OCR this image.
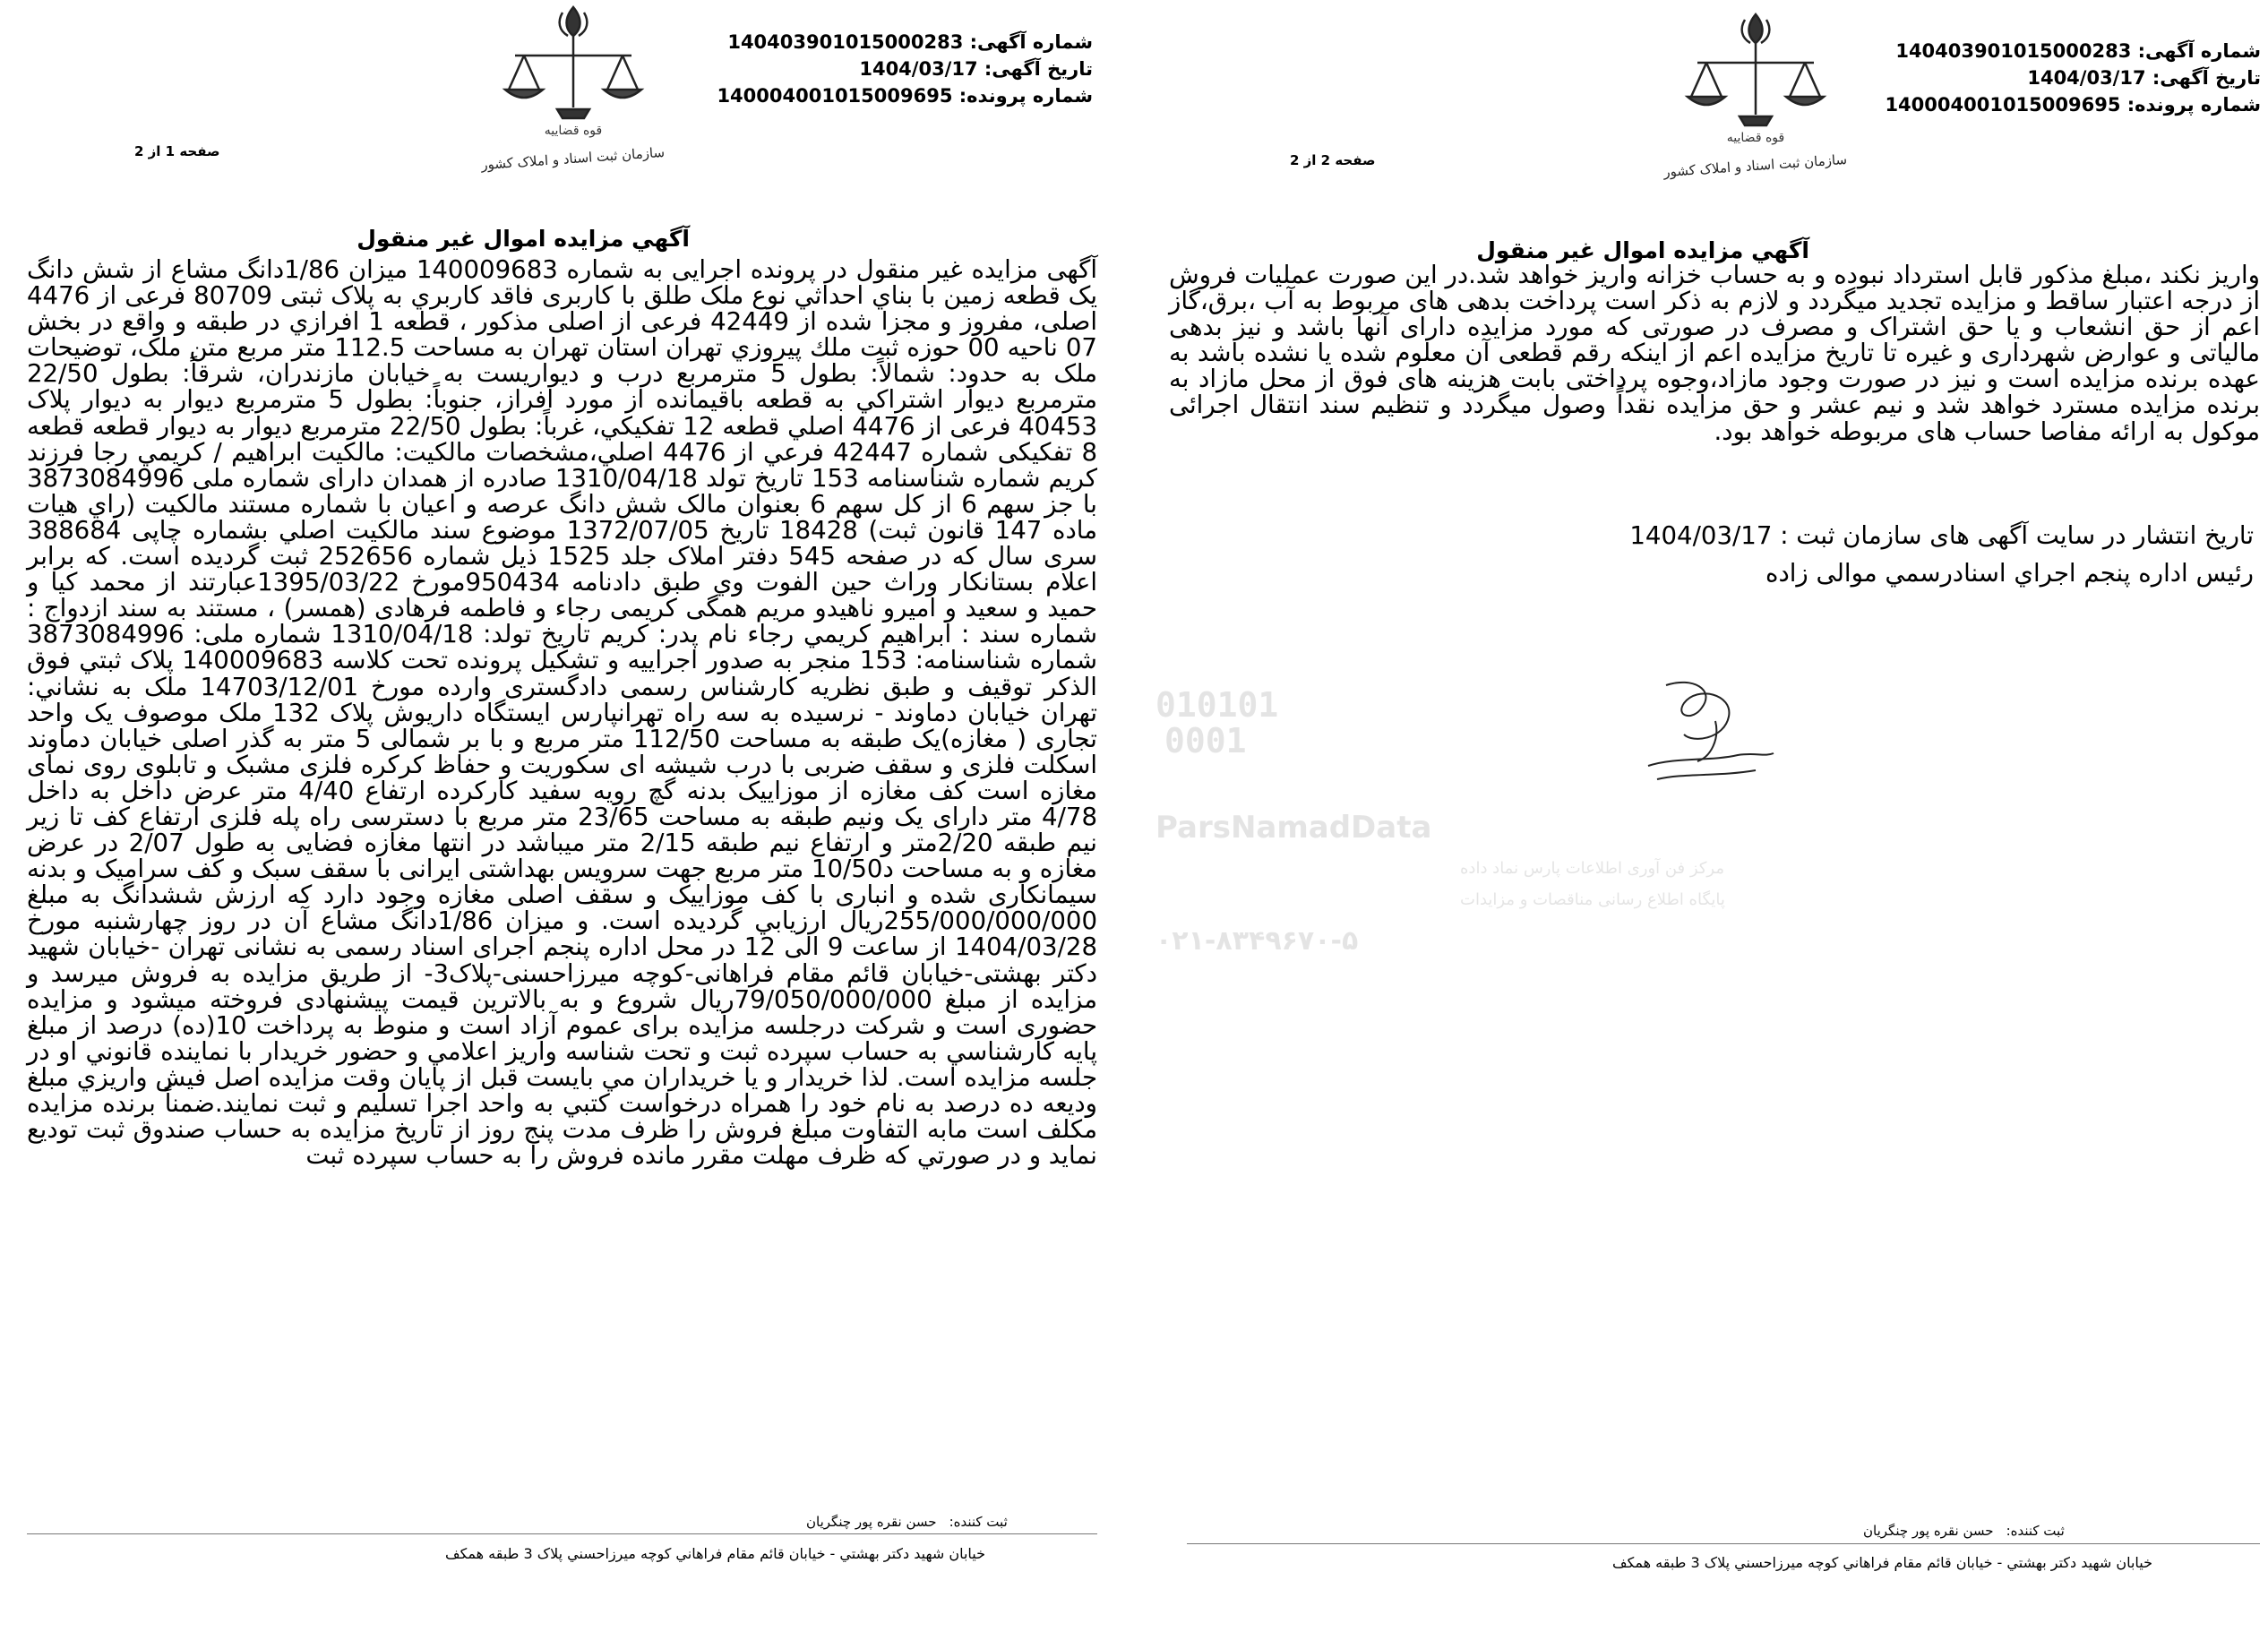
شماره آگهی: 140403901015000283
تاریخ آگهی: 1404/03/17
شماره پرونده: 140004001015009695
قوه قضاییه
سازمان ثبت اسناد و املاک کشور
صفحه 1 از 2
آگهي مزايده اموال غير منقول
آگهی مزایده غیر منقول در پرونده اجرایی به شماره 140009683 میزان 1/86دانگ مشاع از شش دانگ یک قطعه زمین با بناي احداثي نوع ملک طلق با کاربری فاقد کاربري به پلاک ثبتی 80709 فرعی از 4476 اصلی، مفروز و مجزا شده از 42449 فرعی از اصلی مذکور ، قطعه 1 افرازي در طبقه و واقع در بخش 07 ناحیه 00 حوزه ثبت ملك پيروزي تهران استان تهران به مساحت 112.5 متر مربع متن ملک، توضیحات ملک به حدود: شمالاً: بطول 5 مترمربع درب و دیواریست به خیابان مازندران، شرقاً: بطول 22/50 مترمربع ديوار اشتراكي به قطعه باقیمانده از مورد افراز، جنوباً: بطول 5 مترمربع دیوار به دیوار پلاک 40453 فرعی از 4476 اصلي قطعه 12 تفكيكي، غرباً: بطول 22/50 مترمربع دیوار به دیوار قطعه قطعه 8 تفکیکی شماره 42447 فرعي از 4476 اصلي،مشخصات مالکیت: مالکیت ابراهیم / كريمي رجا فرزند كريم شماره شناسنامه 153 تاریخ تولد 1310/04/18 صادره از همدان دارای شماره ملی 3873084996 با جز سهم 6 از کل سهم 6 بعنوان مالک شش دانگ عرصه و اعیان با شماره مستند مالکیت (راي هيات ماده 147 قانون ثبت) 18428 تاریخ 1372/07/05 موضوع سند مالکیت اصلي بشماره چاپی 388684 سری سال که در صفحه 545 دفتر املاک جلد 1525 ذيل شماره 252656 ثبت گردیده است. که برابر اعلام بستانکار وراث حين الفوت وي طبق دادنامه 950434مورخ 1395/03/22عبارتند از محمد کیا و حمید و سعید و امیرو ناهیدو مریم همگی کریمی رجاء و فاطمه فرهادی (همسر) ، مستند به سند ازدواج : شماره سند : ابراهيم كريمي رجاء نام پدر: کریم تاریخ تولد: 1310/04/18 شماره ملی: 3873084996 شماره شناسنامه: 153 منجر به صدور اجراییه و تشکیل پرونده تحت کلاسه 140009683 پلاک ثبتي فوق الذکر توقیف و طبق نظریه کارشناس رسمی دادگستری وارده مورخ 14703/12/01 ملک به نشاني: تهران خيابان دماوند - نرسيده به سه راه تهرانپارس ایستگاه داریوش پلاک 132 ملک موصوف یک واحد تجاری ( مغازه)یک طبقه به مساحت 112/50 متر مربع و با بر شمالی 5 متر به گذر اصلی خیابان دماوند اسکلت فلزی و سقف ضربی با درب شیشه ای سکوریت و حفاظ کرکره فلزی مشبک و تابلوی روی نمای مغازه است کف مغازه از موزاییک بدنه گچ رویه سفید کارکرده ارتفاع 4/40 متر عرض داخل به داخل 4/78 متر دارای یک ونیم طبقه به مساحت 23/65 متر مربع با دسترسی راه پله فلزی ارتفاع کف تا زیر نیم طبقه 2/20متر و ارتفاع نیم طبقه 2/15 متر میباشد در انتها مغازه فضایی به طول 2/07 در عرض مغازه و به مساحت د10/50 متر مربع جهت سرویس بهداشتی ایرانی با سقف سبک و کف سرامیک و بدنه سیمانکاری شده و انباری با کف موزاییک و سقف اصلی مغازه وجود دارد که ارزش ششدانگ به مبلغ 255/000/000/000ريال ارزيابي گرديده است. و میزان 1/86دانگ مشاع آن در روز چهارشنبه مورخ 1404/03/28 از ساعت 9 الی 12 در محل اداره پنجم اجرای اسناد رسمی به نشانی تهران -خیابان شهید دکتر بهشتی-خیابان قائم مقام فراهانی-کوچه میرزاحسنی-پلاک3- از طریق مزایده به فروش میرسد و مزایده از مبلغ 79/050/000/000ریال شروع و به بالاترین قیمت پیشنهادی فروخته میشود و مزایده حضوری است و شرکت درجلسه مزایده برای عموم آزاد است و منوط به پرداخت 10(ده) درصد از مبلغ پايه كارشناسي به حساب سپرده ثبت و تحت شناسه واريز اعلامي و حضور خريدار با نماينده قانوني او در جلسه مزايده است. لذا خريدار و يا خريداران مي بايست قبل از پايان وقت مزايده اصل فيش واريزي مبلغ وديعه ده درصد به نام خود را همراه درخواست كتبي به واحد اجرا تسليم و ثبت نمايند.ضمناً برنده مزايده مكلف است مابه التفاوت مبلغ فروش را ظرف مدت پنج روز از تاريخ مزايده به حساب صندوق ثبت توديع نمايد و در صورتي كه ظرف مهلت مقرر مانده فروش را به حساب سپرده ثبت
ثبت کننده:حسن نقره پور چنگريان
خيابان شهيد دکتر بهشتي - خيابان قائم مقام فراهاني کوچه ميرزاحسني پلاک 3 طبقه همکف
شماره آگهی: 140403901015000283
تاریخ آگهی: 1404/03/17
شماره پرونده: 140004001015009695
قوه قضاییه
سازمان ثبت اسناد و املاک کشور
صفحه 2 از 2
آگهي مزايده اموال غير منقول
واريز نكند ،مبلغ مذکور قابل استرداد نبوده و به حساب خزانه واريز خواهد شد.در این صورت عملیات فروش از درجه اعتبار ساقط و مزایده تجدید میگردد و لازم به ذکر است پرداخت بدهی های مربوط به آب ،برق،گاز اعم از حق انشعاب و یا حق اشتراک و مصرف در صورتی که مورد مزایده دارای آنها باشد و نیز بدهی مالیاتی و عوارض شهرداری و غیره تا تاریخ مزایده اعم از اینکه رقم قطعی آن معلوم شده یا نشده باشد به عهده برنده مزایده است و نیز در صورت وجود مازاد،وجوه پرداختی بابت هزینه های فوق از محل مازاد به برنده مزایده مسترد خواهد شد و نیم عشر و حق مزایده نقداً وصول میگردد و تنظیم سند انتقال اجرائی موکول به ارائه مفاصا حساب های مربوطه خواهد بود.
تاریخ انتشار در سایت آگهی های سازمان ثبت : 1404/03/17
رئيس اداره پنجم اجراي اسنادرسمي موالی زاده
ثبت کننده:حسن نقره پور چنگريان
خيابان شهيد دکتر بهشتي - خيابان قائم مقام فراهاني کوچه ميرزاحسني پلاک 3 طبقه همکف
010101
0001
ParsNamadData
مرکز فن آوری اطلاعات پارس نماد داده
پایگاه اطلاع رسانی مناقصات و مزایدات
۰۲۱-۸۳۴۹۶۷۰-۵
